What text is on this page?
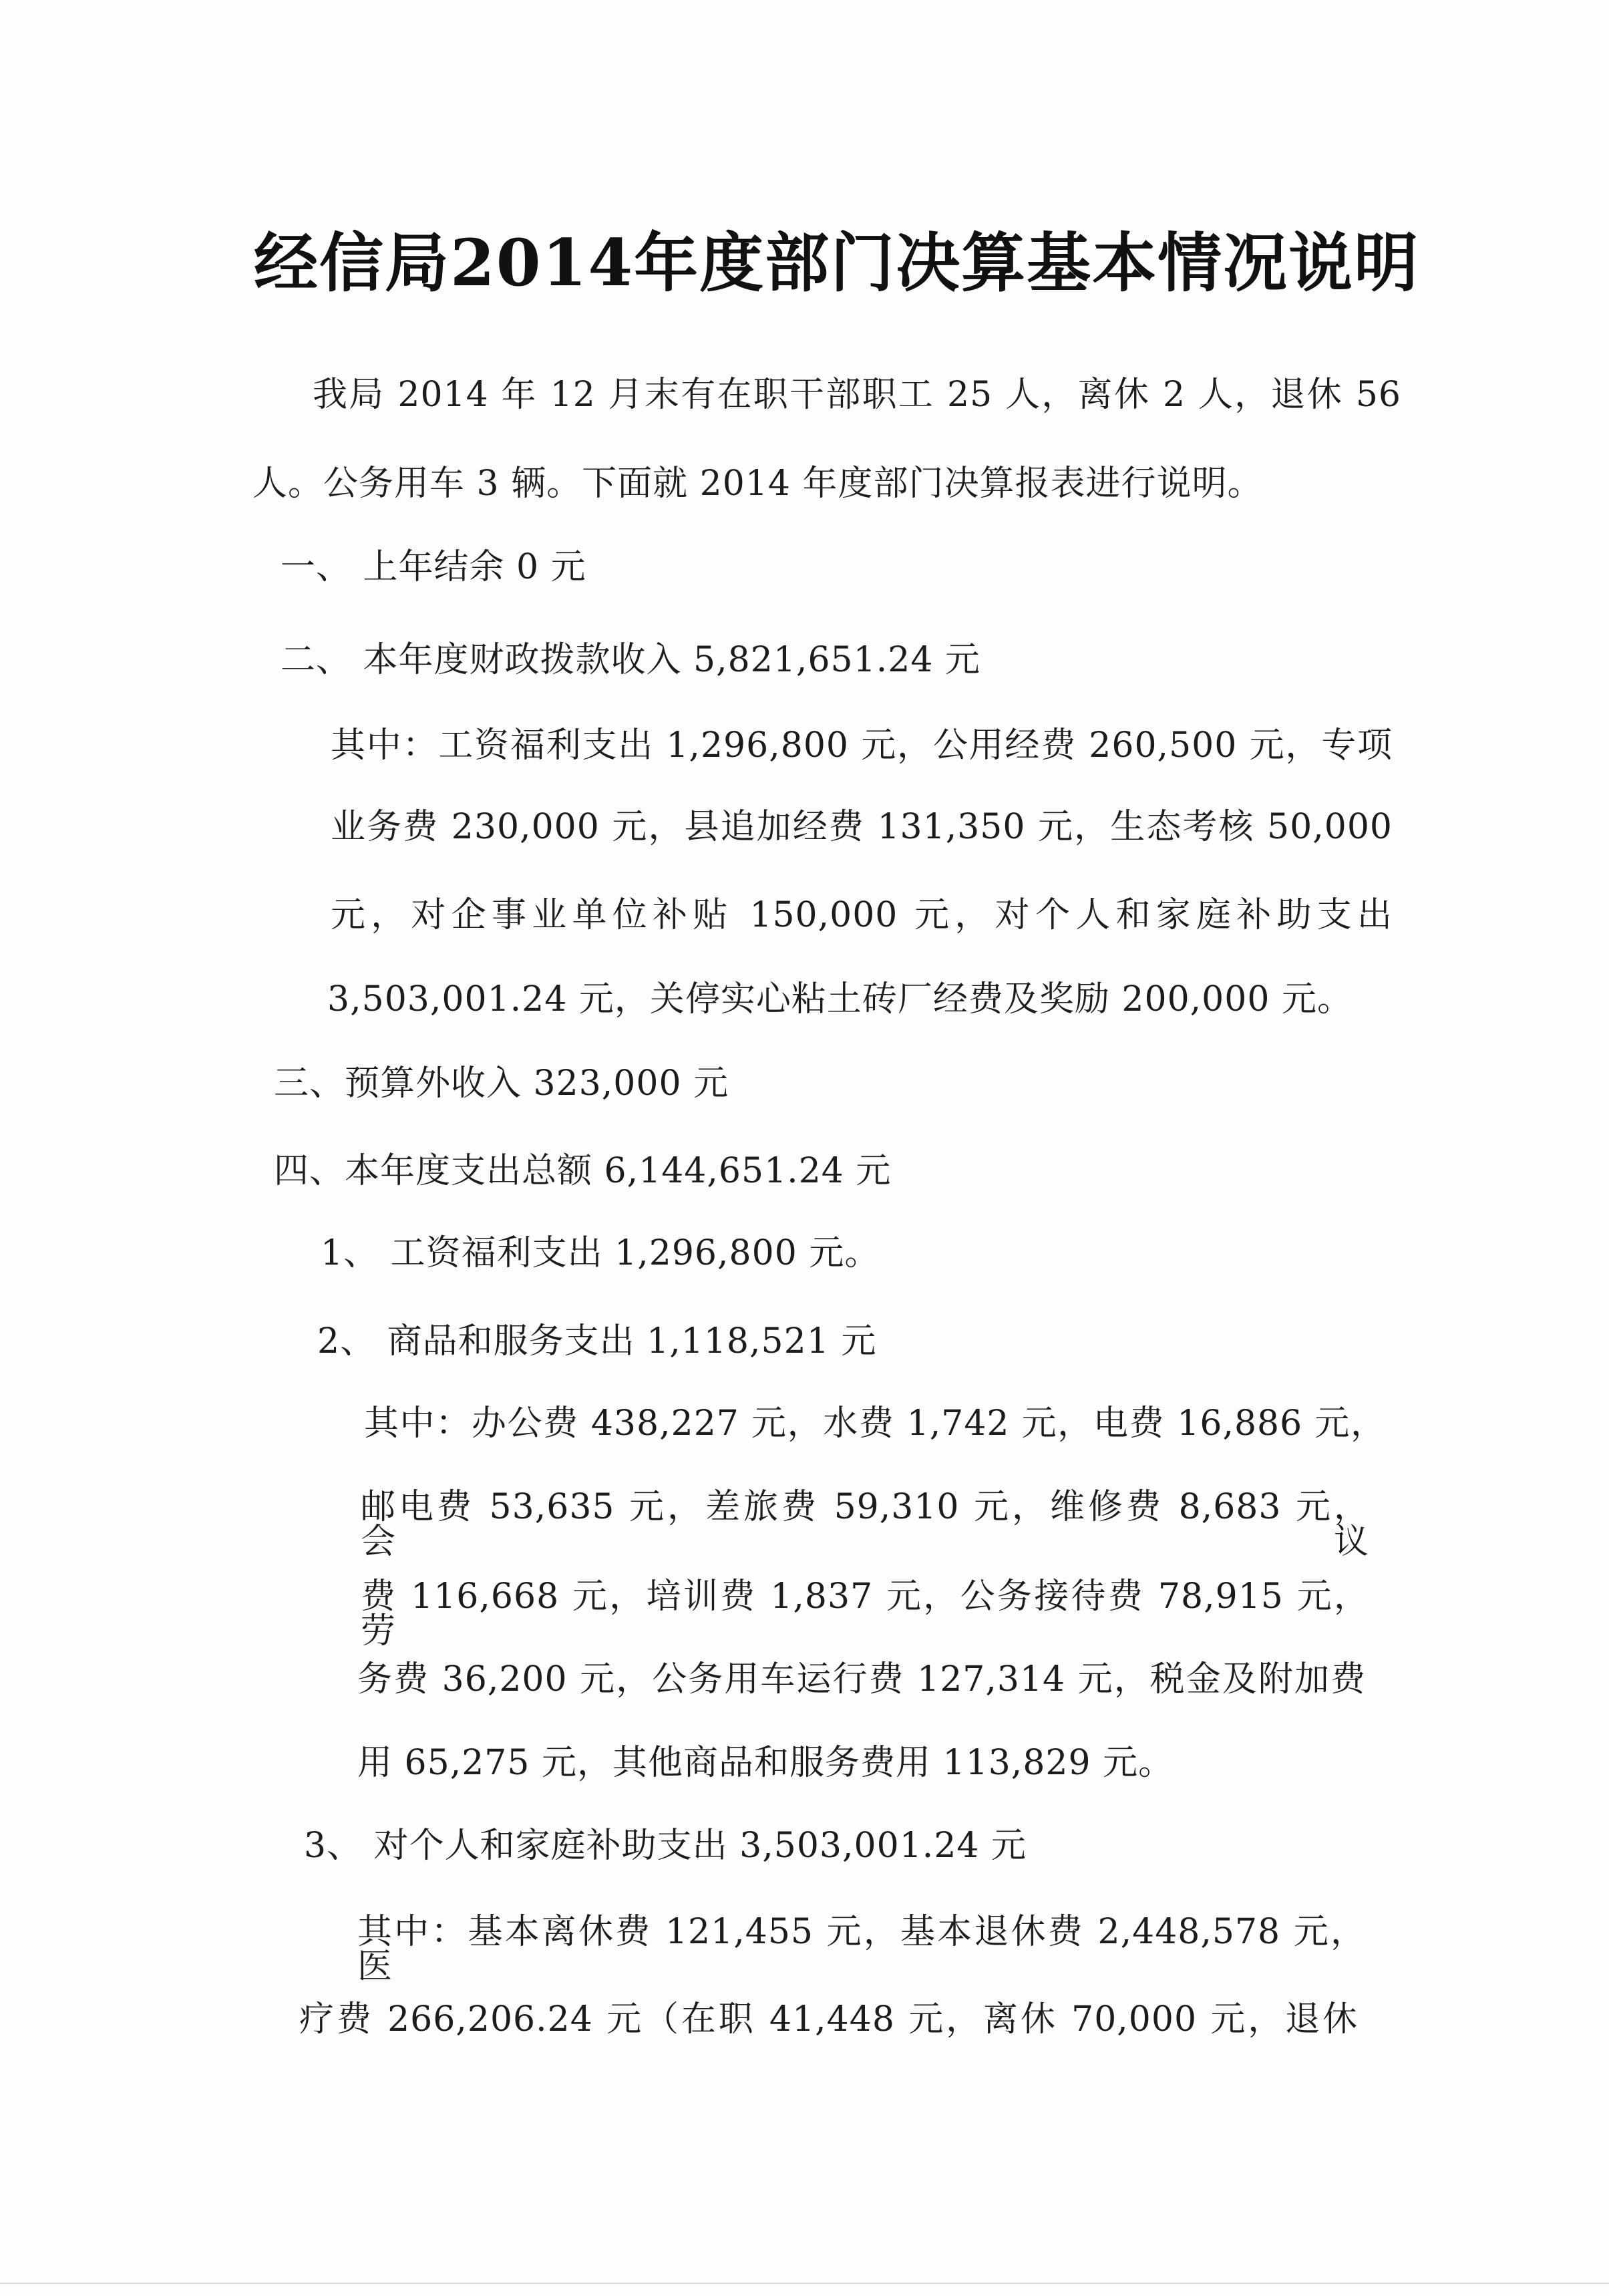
经信局2014年度部门决算基本情况说明
我局 2014 年 12 月末有在职干部职工 25 人，离休 2 人，退休 56
人。公务用车 3 辆。下面就 2014 年度部门决算报表进行说明。
一、 上年结余 0 元
二、 本年度财政拨款收入 5,821,651.24 元
其中：工资福利支出 1,296,800 元，公用经费 260,500 元，专项
业务费 230,000 元，县追加经费 131,350 元，生态考核 50,000
元，对企事业单位补贴 150,000 元，对个人和家庭补助支出
3,503,001.24 元，关停实心粘土砖厂经费及奖励 200,000 元。
三、预算外收入 323,000 元
四、本年度支出总额 6,144,651.24 元
1、 工资福利支出 1,296,800 元。
2、 商品和服务支出 1,118,521 元
其中：办公费 438,227 元，水费 1,742 元，电费 16,886 元，
邮电费 53,635 元，差旅费 59,310 元，维修费 8,683 元，会议
费 116,668 元，培训费 1,837 元，公务接待费 78,915 元，劳
务费 36,200 元，公务用车运行费 127,314 元，税金及附加费
用 65,275 元，其他商品和服务费用 113,829 元。
3、 对个人和家庭补助支出 3,503,001.24 元
其中：基本离休费 121,455 元，基本退休费 2,448,578 元，医
疗费 266,206.24 元（在职 41,448 元，离休 70,000 元，退休
